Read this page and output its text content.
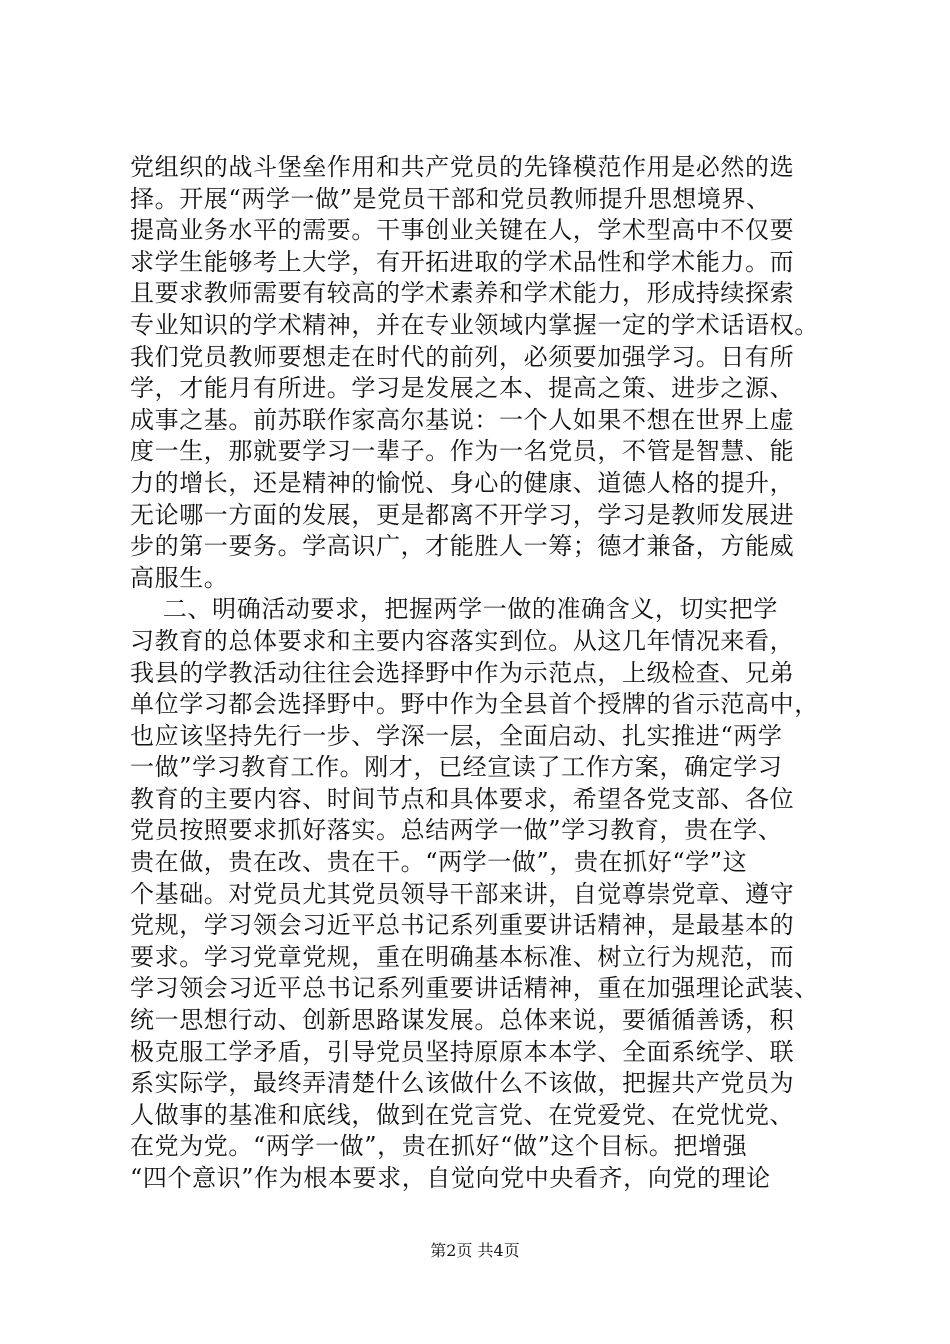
党组织的战斗堡垒作用和共产党员的先锋模范作用是必然的选
择。开展“两学一做”是党员干部和党员教师提升思想境界、
提高业务水平的需要。干事创业关键在人，学术型高中不仅要
求学生能够考上大学，有开拓进取的学术品性和学术能力。而
且要求教师需要有较高的学术素养和学术能力，形成持续探索
专业知识的学术精神，并在专业领域内掌握一定的学术话语权。
我们党员教师要想走在时代的前列，必须要加强学习。日有所
学，才能月有所进。学习是发展之本、提高之策、进步之源、
成事之基。前苏联作家高尔基说：一个人如果不想在世界上虚
度一生，那就要学习一辈子。作为一名党员，不管是智慧、能
力的增长，还是精神的愉悦、身心的健康、道德人格的提升，
无论哪一方面的发展，更是都离不开学习，学习是教师发展进
步的第一要务。学高识广，才能胜人一筹；德才兼备，方能威
高服生。

二、明确活动要求，把握两学一做的准确含义，切实把学
习教育的总体要求和主要内容落实到位。从这几年情况来看，
我县的学教活动往往会选择野中作为示范点，上级检查、兄弟
单位学习都会选择野中。野中作为全县首个授牌的省示范高中，
也应该坚持先行一步、学深一层，全面启动、扎实推进“两学
一做”学习教育工作。刚才，已经宣读了工作方案，确定学习
教育的主要内容、时间节点和具体要求，希望各党支部、各位
党员按照要求抓好落实。总结两学一做”学习教育，贵在学、
贵在做，贵在改、贵在干。“两学一做”，贵在抓好“学”这
个基础。对党员尤其党员领导干部来讲，自觉尊崇党章、遵守
党规，学习领会习近平总书记系列重要讲话精神，是最基本的
要求。学习党章党规，重在明确基本标准、树立行为规范，而
学习领会习近平总书记系列重要讲话精神，重在加强理论武装、
统一思想行动、创新思路谋发展。总体来说，要循循善诱，积
极克服工学矛盾，引导党员坚持原原本本学、全面系统学、联
系实际学，最终弄清楚什么该做什么不该做，把握共产党员为
人做事的基准和底线，做到在党言党、在党爱党、在党忧党、
在党为党。“两学一做”，贵在抓好“做”这个目标。把增强
“四个意识”作为根本要求，自觉向党中央看齐，向党的理论

第2页 共4页
